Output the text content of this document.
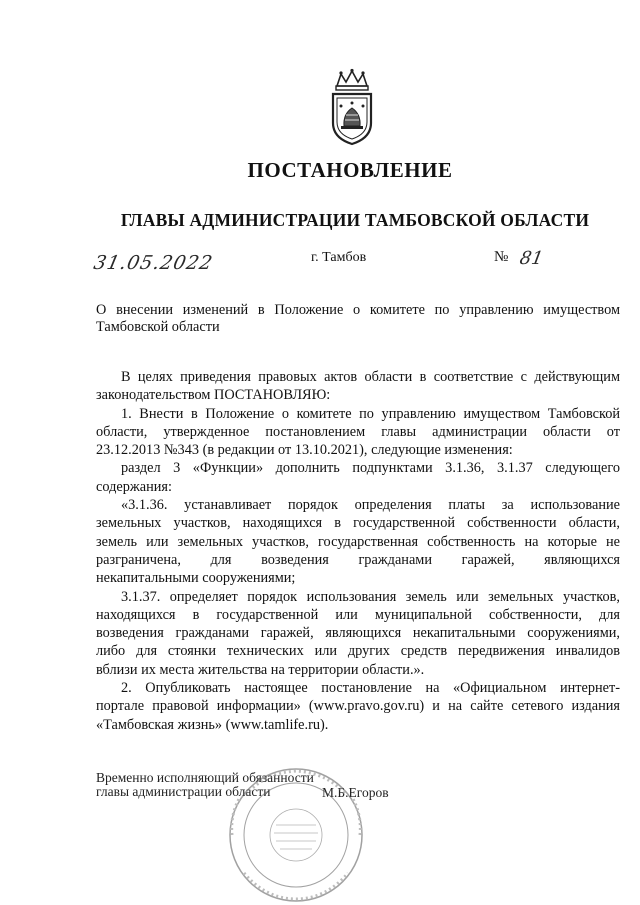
ПОСТАНОВЛЕНИЕ
ГЛАВЫ АДМИНИСТРАЦИИ ТАМБОВСКОЙ ОБЛАСТИ
31.05.2022	г. Тамбов	№ 81
О внесении изменений в Положение о комитете по управлению имуществом
Тамбовской области
В целях приведения правовых актов области в соответствие с действующим
законодательством ПОСТАНОВЛЯЮ:
1. Внести в Положение о комитете по управлению имуществом Тамбовской
области, утвержденное постановлением главы администрации области от
23.12.2013 №343 (в редакции от 13.10.2021), следующие изменения:
раздел 3 «Функции» дополнить подпунктами 3.1.36, 3.1.37 следующего
содержания:
«3.1.36. устанавливает порядок определения платы за использование
земельных участков, находящихся в государственной собственности области,
земель или земельных участков, государственная собственность на которые не
разграничена, для возведения гражданами гаражей, являющихся
некапитальными сооружениями;
3.1.37. определяет порядок использования земель или земельных участков,
находящихся в государственной или муниципальной собственности, для
возведения гражданами гаражей, являющихся некапитальными сооружениями,
либо для стоянки технических или других средств передвижения инвалидов
вблизи их места жительства на территории области.».
2. Опубликовать настоящее постановление на «Официальном интернет-
портале правовой информации» (www.pravo.gov.ru) и на сайте сетевого издания
«Тамбовская жизнь» (www.tamlife.ru).
Временно исполняющий обязанности
главы администрации области	М.Б.Егоров
